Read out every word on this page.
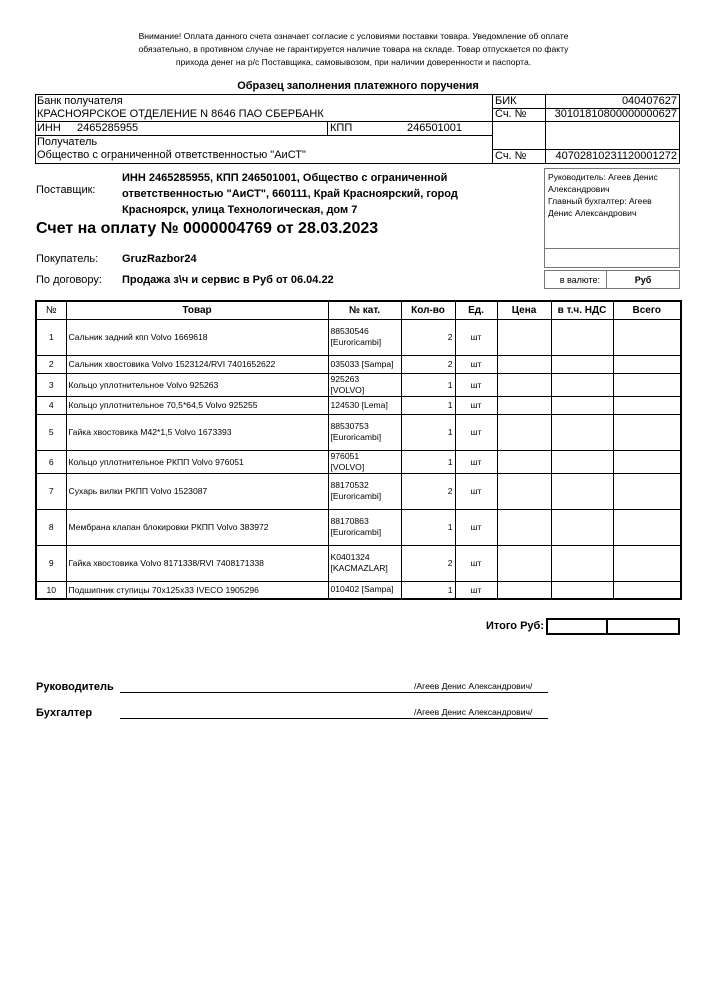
Внимание! Оплата данного счета означает согласие с условиями поставки товара. Уведомление об оплате
обязательно, в противном случае не гарантируется наличие товара на складе. Товар отпускается по факту
прихода денег на р/с Поставщика, самовывозом, при наличии доверенности и паспорта.
Образец заполнения платежного поручения
Банк получателя
КРАСНОЯРСКОЕ ОТДЕЛЕНИЕ N 8646 ПАО СБЕРБАНК
БИК	040407627
Сч. №	30101810800000000627
ИНН	2465285955	КПП	246501001
Получатель
Общество с ограниченной ответственностью "АиСТ"	Сч. №	40702810231120001272
Поставщик:
ИНН 2465285955, КПП 246501001, Общество с ограниченной
ответственностью "АиСТ", 660111, Край Красноярский, город
Красноярск, улица Технологическая, дом 7
Руководитель: Агеев Денис
Александрович
Главный бухгалтер: Агеев
Денис Александрович
Счет на оплату № 0000004769 от 28.03.2023
Покупатель: GruzRazbor24
По договору: Продажа з\ч и сервис в Руб от 06.04.22	в валюте:	Руб
№	Товар	№ кат.	Кол-во	Ед.	Цена	в т.ч. НДС	Всего
1	Сальник задний кпп Volvo 1669618	88530546
[Euroricambi]	2	шт			
2	Сальник хвостовика Volvo 1523124/RVI 7401652622	035033 [Sampa]	2	шт			
3	Кольцо уплотнительное Volvo 925263	925263
[VOLVO]	1	шт			
4	Кольцо уплотнительное 70,5*64,5 Volvo 925255	124530 [Lema]	1	шт			
5	Гайка хвостовика М42*1,5 Volvo 1673393	88530753
[Euroricambi]	1	шт			
6	Кольцо уплотнительное РКПП Volvo 976051	976051
[VOLVO]	1	шт			
7	Сухарь вилки РКПП Volvo 1523087	88170532
[Euroricambi]	2	шт			
8	Мембрана клапан блокировки РКПП Volvo 383972	88170863
[Euroricambi]	1	шт			
9	Гайка хвостовика Volvo 8171338/RVI 7408171338	K0401324
[KACMAZLAR]	2	шт			
10	Подшипник ступицы 70x125x33 IVECO 1905296	010402 [Sampa]	1	шт			
Итого Руб:
Руководитель	/Агеев Денис Александрович/
Бухгалтер	/Агеев Денис Александрович/
